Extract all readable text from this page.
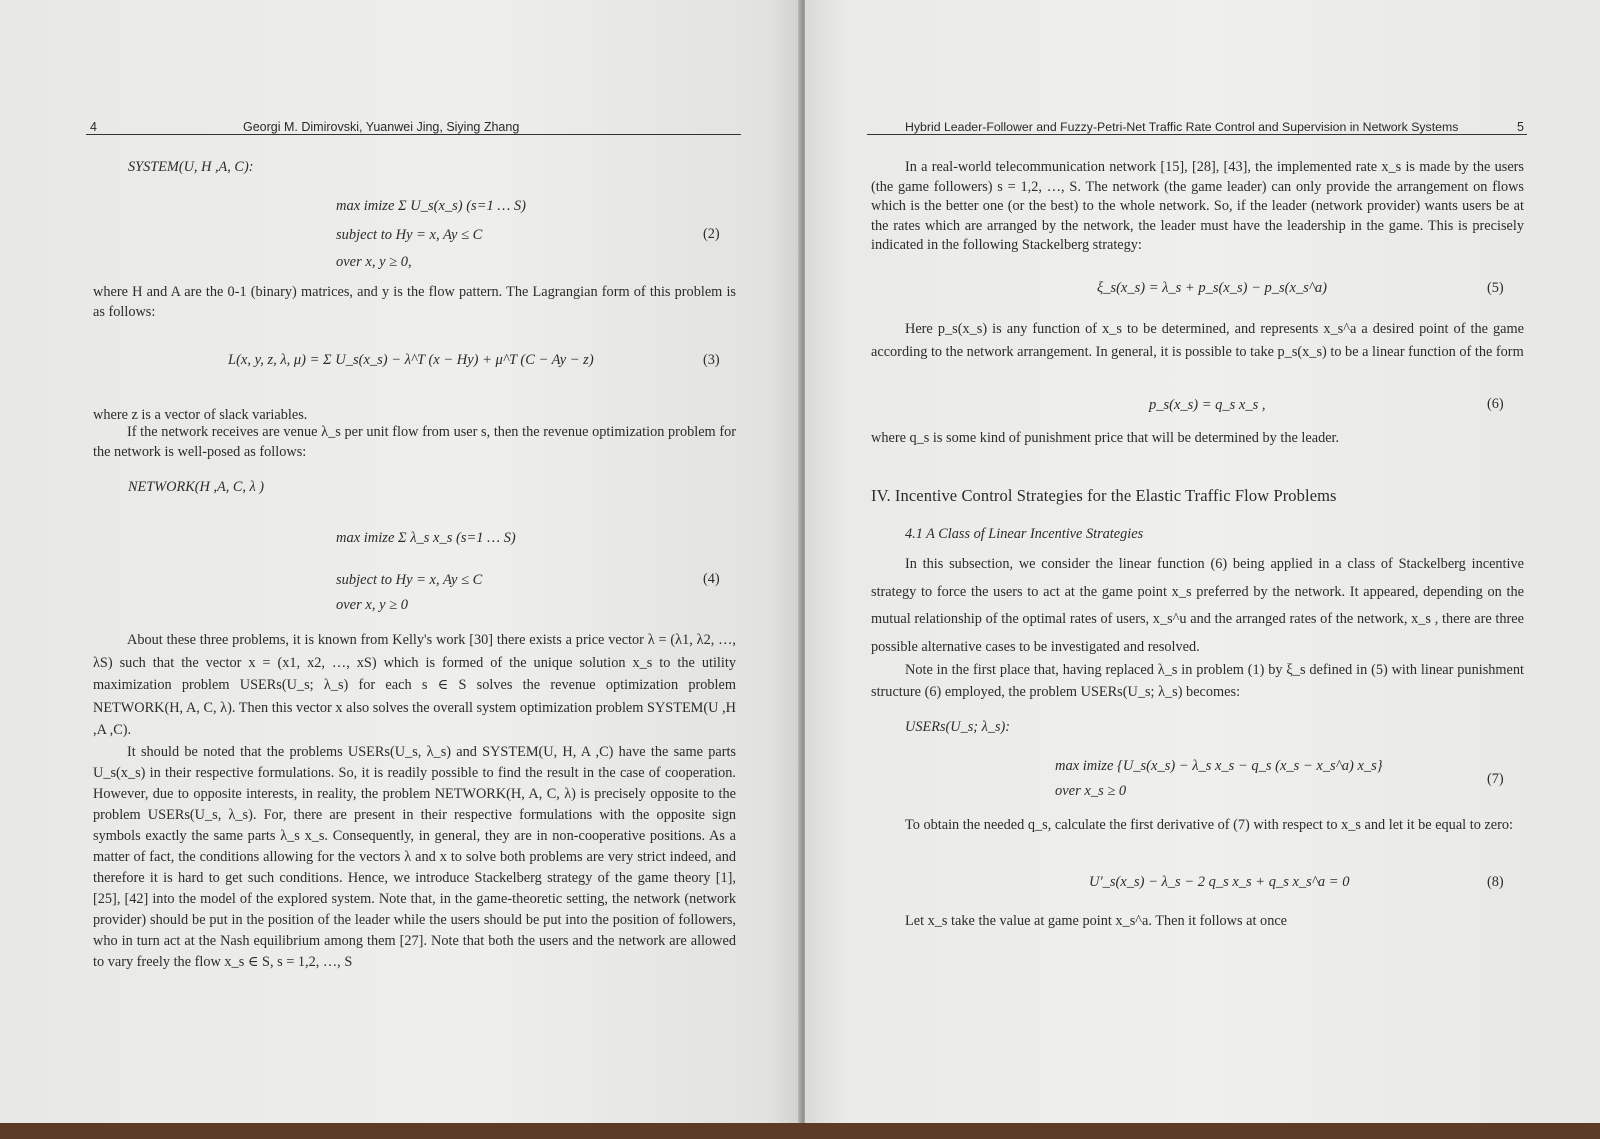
4	Georgi M. Dimirovski, Yuanwei Jing, Siying Zhang
SYSTEM(U, H ,A, C):
max imize Σ U_s(x_s) (s=1 … S)
subject to Hy = x, Ay ≤ C
over x, y ≥ 0,
(2)
where H and A are the 0-1 (binary) matrices, and y is the flow pattern. The Lagrangian form of this problem is as follows:
L(x, y, z, λ, μ) = Σ U_s(x_s) − λ^T (x − Hy) + μ^T (C − Ay − z)	(3)
where z is a vector of slack variables.
If the network receives are venue λ_s per unit flow from user s, then the revenue optimization problem for the network is well-posed as follows:
NETWORK(H ,A, C, λ )
max imize Σ λ_s x_s (s=1 … S)
subject to Hy = x, Ay ≤ C
over x, y ≥ 0
(4)
About these three problems, it is known from Kelly's work [30] there exists a price vector λ = (λ1, λ2, …, λS) such that the vector x = (x1, x2, …, xS) which is formed of the unique solution x_s to the utility maximization problem USERs(U_s; λ_s) for each s ∈ S solves the revenue optimization problem NETWORK(H, A, C, λ). Then this vector x also solves the overall system optimization problem SYSTEM(U ,H ,A ,C).
It should be noted that the problems USERs(U_s, λ_s) and SYSTEM(U, H, A ,C) have the same parts U_s(x_s) in their respective formulations. So, it is readily possible to find the result in the case of cooperation. However, due to opposite interests, in reality, the problem NETWORK(H, A, C, λ) is precisely opposite to the problem USERs(U_s, λ_s). For, there are present in their respective formulations with the opposite sign symbols exactly the same parts λ_s x_s. Consequently, in general, they are in non-cooperative positions. As a matter of fact, the conditions allowing for the vectors λ and x to solve both problems are very strict indeed, and therefore it is hard to get such conditions. Hence, we introduce Stackelberg strategy of the game theory [1], [25], [42] into the model of the explored system. Note that, in the game-theoretic setting, the network (network provider) should be put in the position of the leader while the users should be put into the position of followers, who in turn act at the Nash equilibrium among them [27]. Note that both the users and the network are allowed to vary freely the flow x_s ∈ S, s = 1,2, …, S
Hybrid Leader-Follower and Fuzzy-Petri-Net Traffic Rate Control and Supervision in Network Systems	5
In a real-world telecommunication network [15], [28], [43], the implemented rate x_s is made by the users (the game followers) s = 1,2, …, S. The network (the game leader) can only provide the arrangement on flows which is the better one (or the best) to the whole network. So, if the leader (network provider) wants users be at the rates which are arranged by the network, the leader must have the leadership in the game. This is precisely indicated in the following Stackelberg strategy:
ξ_s(x_s) = λ_s + p_s(x_s) − p_s(x_s^a)	(5)
Here p_s(x_s) is any function of x_s to be determined, and represents x_s^a a desired point of the game according to the network arrangement. In general, it is possible to take p_s(x_s) to be a linear function of the form
p_s(x_s) = q_s x_s ,	(6)
where q_s is some kind of punishment price that will be determined by the leader.
IV. Incentive Control Strategies for the Elastic Traffic Flow Problems
4.1 A Class of Linear Incentive Strategies
In this subsection, we consider the linear function (6) being applied in a class of Stackelberg incentive strategy to force the users to act at the game point x_s preferred by the network. It appeared, depending on the mutual relationship of the optimal rates of users, x_s^u and the arranged rates of the network, x_s , there are three possible alternative cases to be investigated and resolved.
Note in the first place that, having replaced λ_s in problem (1) by ξ_s defined in (5) with linear punishment structure (6) employed, the problem USERs(U_s; λ_s) becomes:
USERs(U_s; λ_s):
max imize {U_s(x_s) − λ_s x_s − q_s (x_s − x_s^a) x_s}
over x_s ≥ 0
(7)
To obtain the needed q_s, calculate the first derivative of (7) with respect to x_s and let it be equal to zero:
U'_s(x_s) − λ_s − 2 q_s x_s + q_s x_s^a = 0	(8)
Let x_s take the value at game point x_s^a. Then it follows at once
